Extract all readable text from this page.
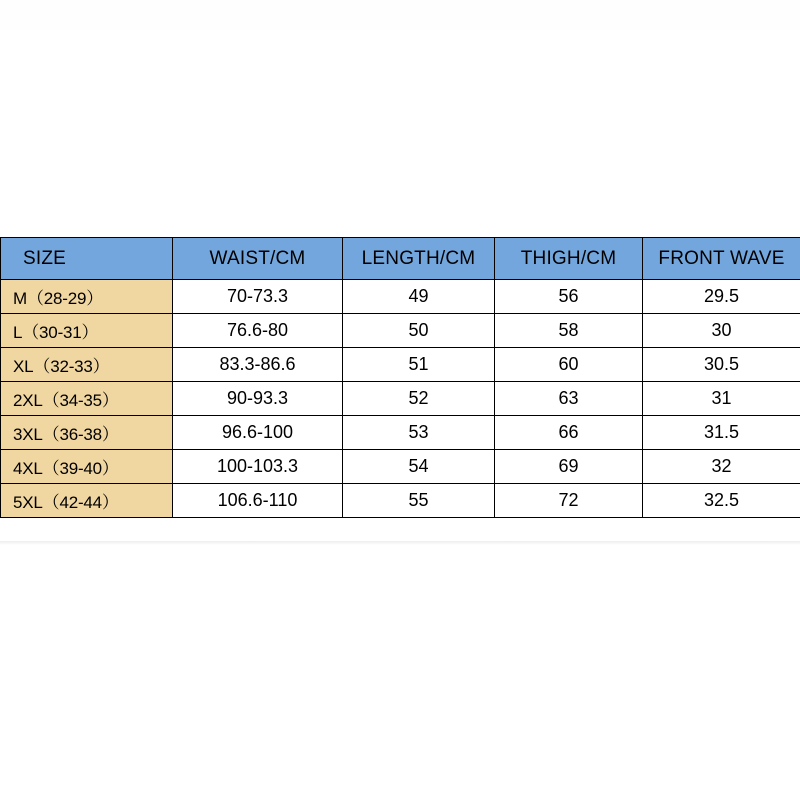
SIZE	WAIST/CM	LENGTH/CM	THIGH/CM	FRONT WAVE
M（28-29）	70-73.3	49	56	29.5
L（30-31）	76.6-80	50	58	30
XL（32-33）	83.3-86.6	51	60	30.5
2XL（34-35）	90-93.3	52	63	31
3XL（36-38）	96.6-100	53	66	31.5
4XL（39-40）	100-103.3	54	69	32
5XL（42-44）	106.6-110	55	72	32.5
